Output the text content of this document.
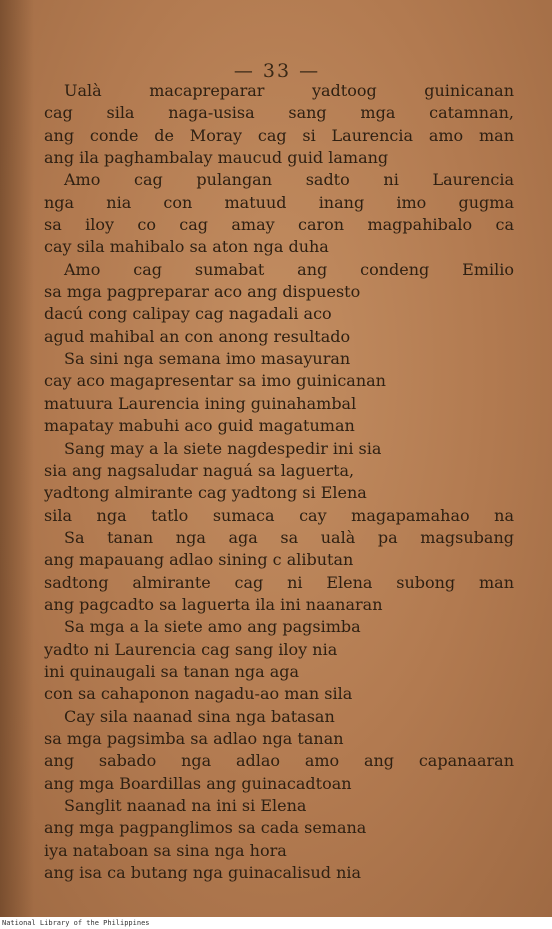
— 33 —
Ualà macapreparar yadtoog guinicanan
cag sila naga-usisa sang mga catamnan,
ang conde de Moray cag si Laurencia amo man
ang ila paghambalay maucud guid lamang
Amo cag pulangan sadto ni Laurencia
nga nia con matuud inang imo gugma
sa iloy co cag amay caron magpahibalo ca
cay sila mahibalo sa aton nga duha
Amo cag sumabat ang condeng Emilio
sa mga pagpreparar aco ang dispuesto
dacú cong calipay cag nagadali aco
agud mahibal an con anong resultado
Sa sini nga semana imo masayuran
cay aco magapresentar sa imo guinicanan
matuura Laurencia ining guinahambal
mapatay mabuhi aco guid magatuman
Sang may a la siete nagdespedir ini sia
sia ang nagsaludar naguá sa laguerta,
yadtong almirante cag yadtong si Elena
sila nga tatlo sumaca cay magapamahao na
Sa tanan nga aga sa ualà pa magsubang
ang mapauang adlao sining c alibutan
sadtong almirante cag ni Elena subong man
ang pagcadto sa laguerta ila ini naanaran
Sa mga a la siete amo ang pagsimba
yadto ni Laurencia cag sang iloy nia
ini quinaugali sa tanan nga aga
con sa cahaponon nagadu-ao man sila
Cay sila naanad sina nga batasan
sa mga pagsimba sa adlao nga tanan
ang sabado nga adlao amo ang capanaaran
ang mga Boardillas ang guinacadtoan
Sanglit naanad na ini si Elena
ang mga pagpanglimos sa cada semana
iya nataboan sa sina nga hora
ang isa ca butang nga guinacalisud nia
National Library of the Philippines
